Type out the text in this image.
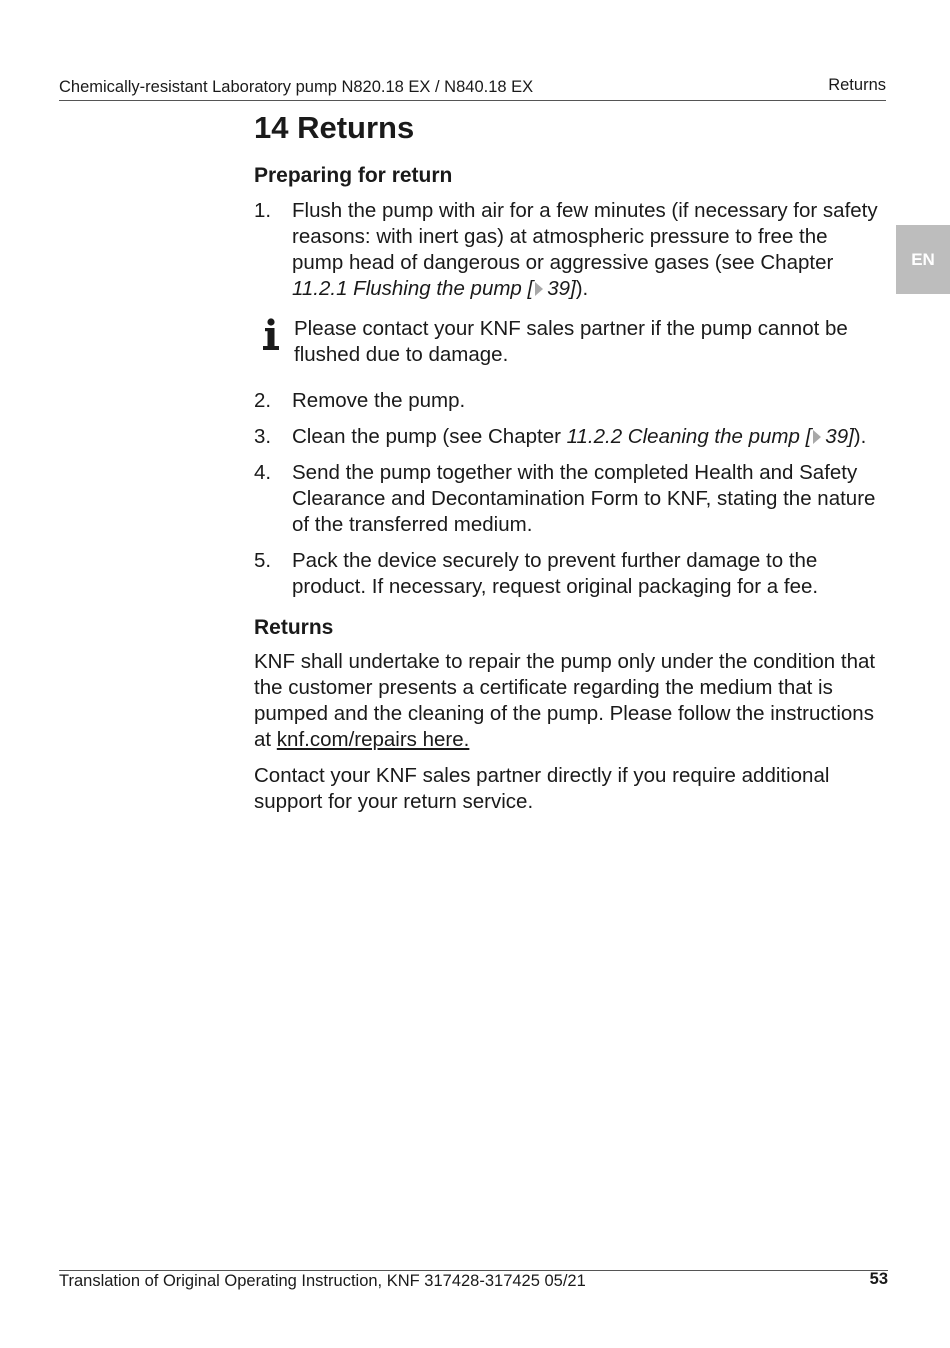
Chemically-resistant Laboratory pump N820.18 EX / N840.18 EX	Returns
EN
14 Returns
Preparing for return
1. Flush the pump with air for a few minutes (if necessary for safety reasons: with inert gas) at atmospheric pressure to free the pump head of dangerous or aggressive gases (see Chapter 11.2.1 Flushing the pump [ 39]).
Please contact your KNF sales partner if the pump cannot be flushed due to damage.
2. Remove the pump.
3. Clean the pump (see Chapter 11.2.2 Cleaning the pump [ 39]).
4. Send the pump together with the completed Health and Safety Clearance and Decontamination Form to KNF, stating the nature of the transferred medium.
5. Pack the device securely to prevent further damage to the product. If necessary, request original packaging for a fee.
Returns

KNF shall undertake to repair the pump only under the condition that the customer presents a certificate regarding the medium that is pumped and the cleaning of the pump. Please follow the instructions at knf.com/repairs here.

Contact your KNF sales partner directly if you require additional support for your return service.

Translation of Original Operating Instruction, KNF 317428-317425 05/21	53
